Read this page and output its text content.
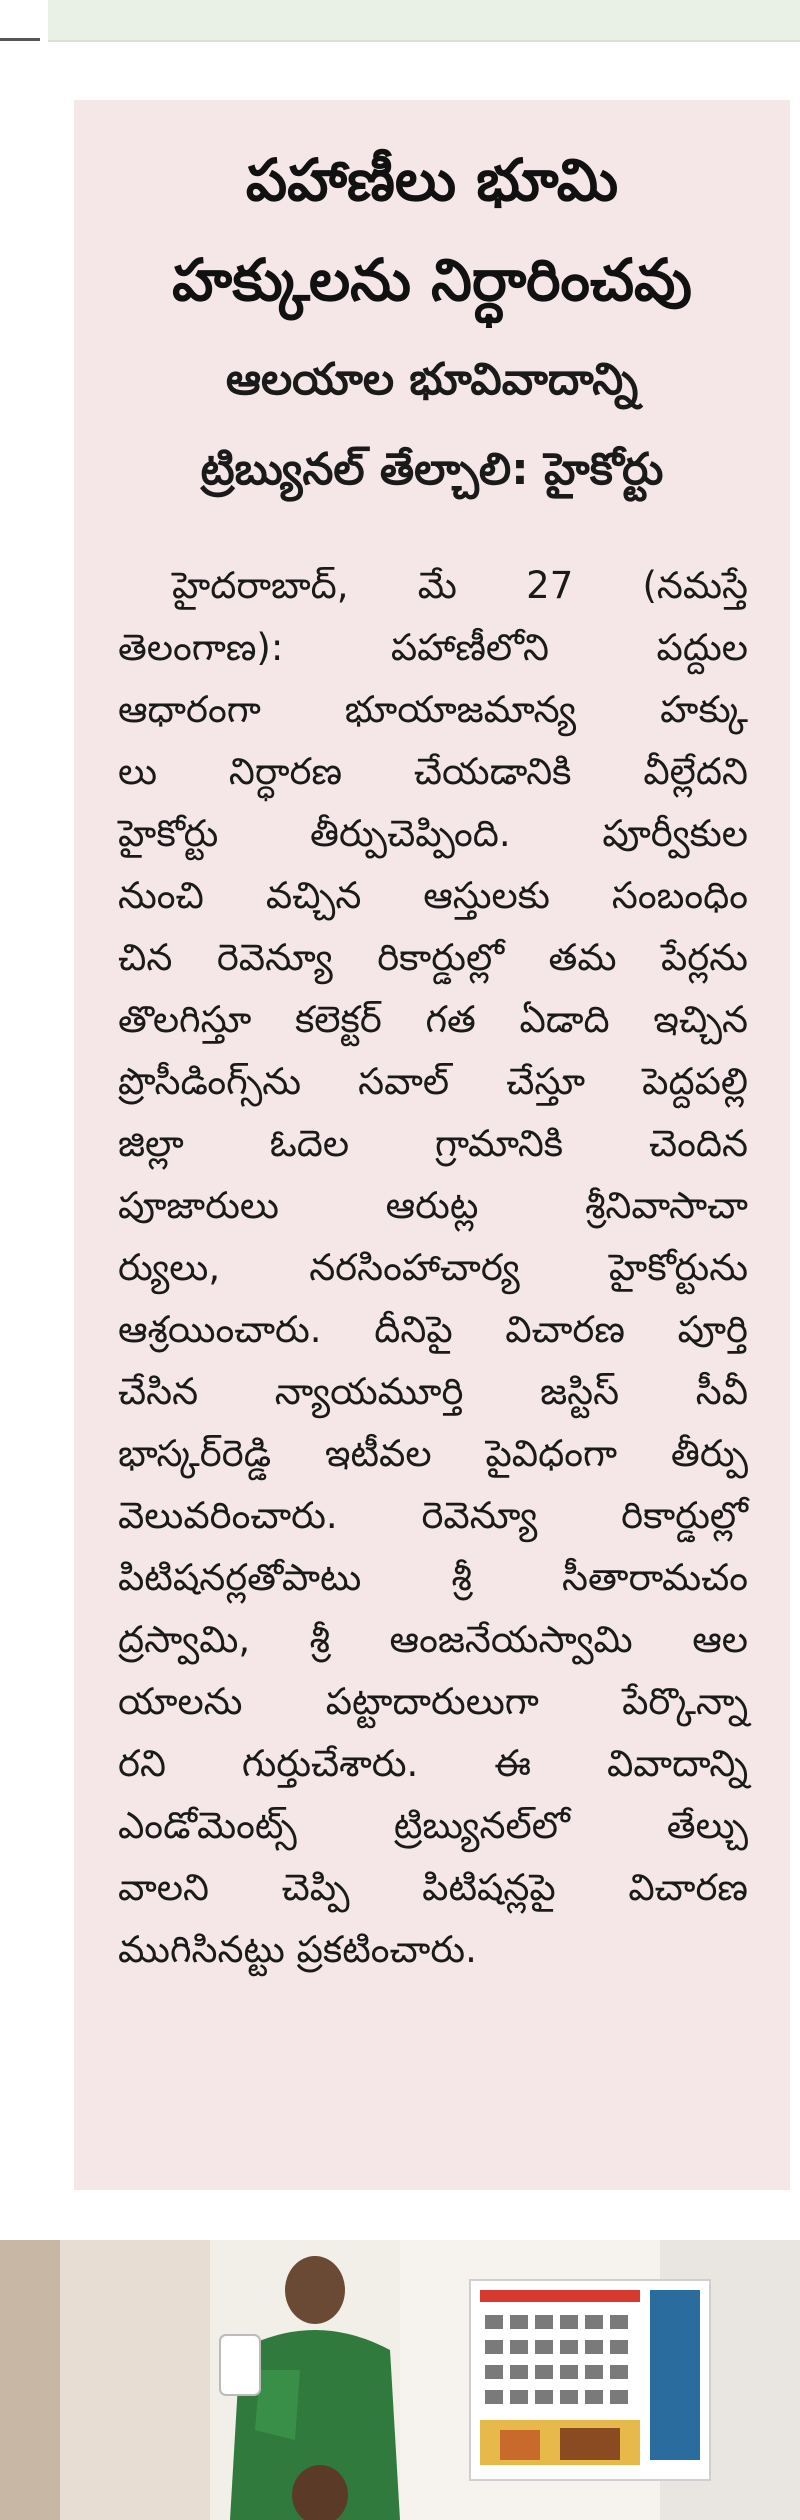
పహాణీలు భూమి
హక్కులను నిర్ధారించవు
ఆలయాల భూవివాదాన్ని
ట్రిబ్యునల్ తేల్చాలి: హైకోర్టు
హైదరాబాద్, మే 27 (నమస్తే
తెలంగాణ): పహాణీలోని పద్దుల
ఆధారంగా భూయాజమాన్య హక్కు
లు నిర్ధారణ చేయడానికి వీల్లేదని
హైకోర్టు తీర్పుచెప్పింది. పూర్వీకుల
నుంచి వచ్చిన ఆస్తులకు సంబంధిం
చిన రెవెన్యూ రికార్డుల్లో తమ పేర్లను
తొలగిస్తూ కలెక్టర్ గత ఏడాది ఇచ్చిన
ప్రొసీడింగ్స్‌ను సవాల్ చేస్తూ పెద్దపల్లి
జిల్లా ఓదెల గ్రామానికి చెందిన
పూజారులు ఆరుట్ల శ్రీనివాసాచా
ర్యులు, నరసింహాచార్య హైకోర్టును
ఆశ్రయించారు. దీనిపై విచారణ పూర్తి
చేసిన న్యాయమూర్తి జస్టిస్ సీవీ
భాస్కర్‌రెడ్డి ఇటీవల పైవిధంగా తీర్పు
వెలువరించారు. రెవెన్యూ రికార్డుల్లో
పిటిషనర్లతోపాటు శ్రీ సీతారామచం
ద్రస్వామి, శ్రీ ఆంజనేయస్వామి ఆల
యాలను పట్టాదారులుగా పేర్కొన్నా
రని గుర్తుచేశారు. ఈ వివాదాన్ని
ఎండోమెంట్స్ ట్రిబ్యునల్‌లో తేల్చు
వాలని చెప్పి పిటిషన్లపై విచారణ
ముగిసినట్టు ప్రకటించారు.
